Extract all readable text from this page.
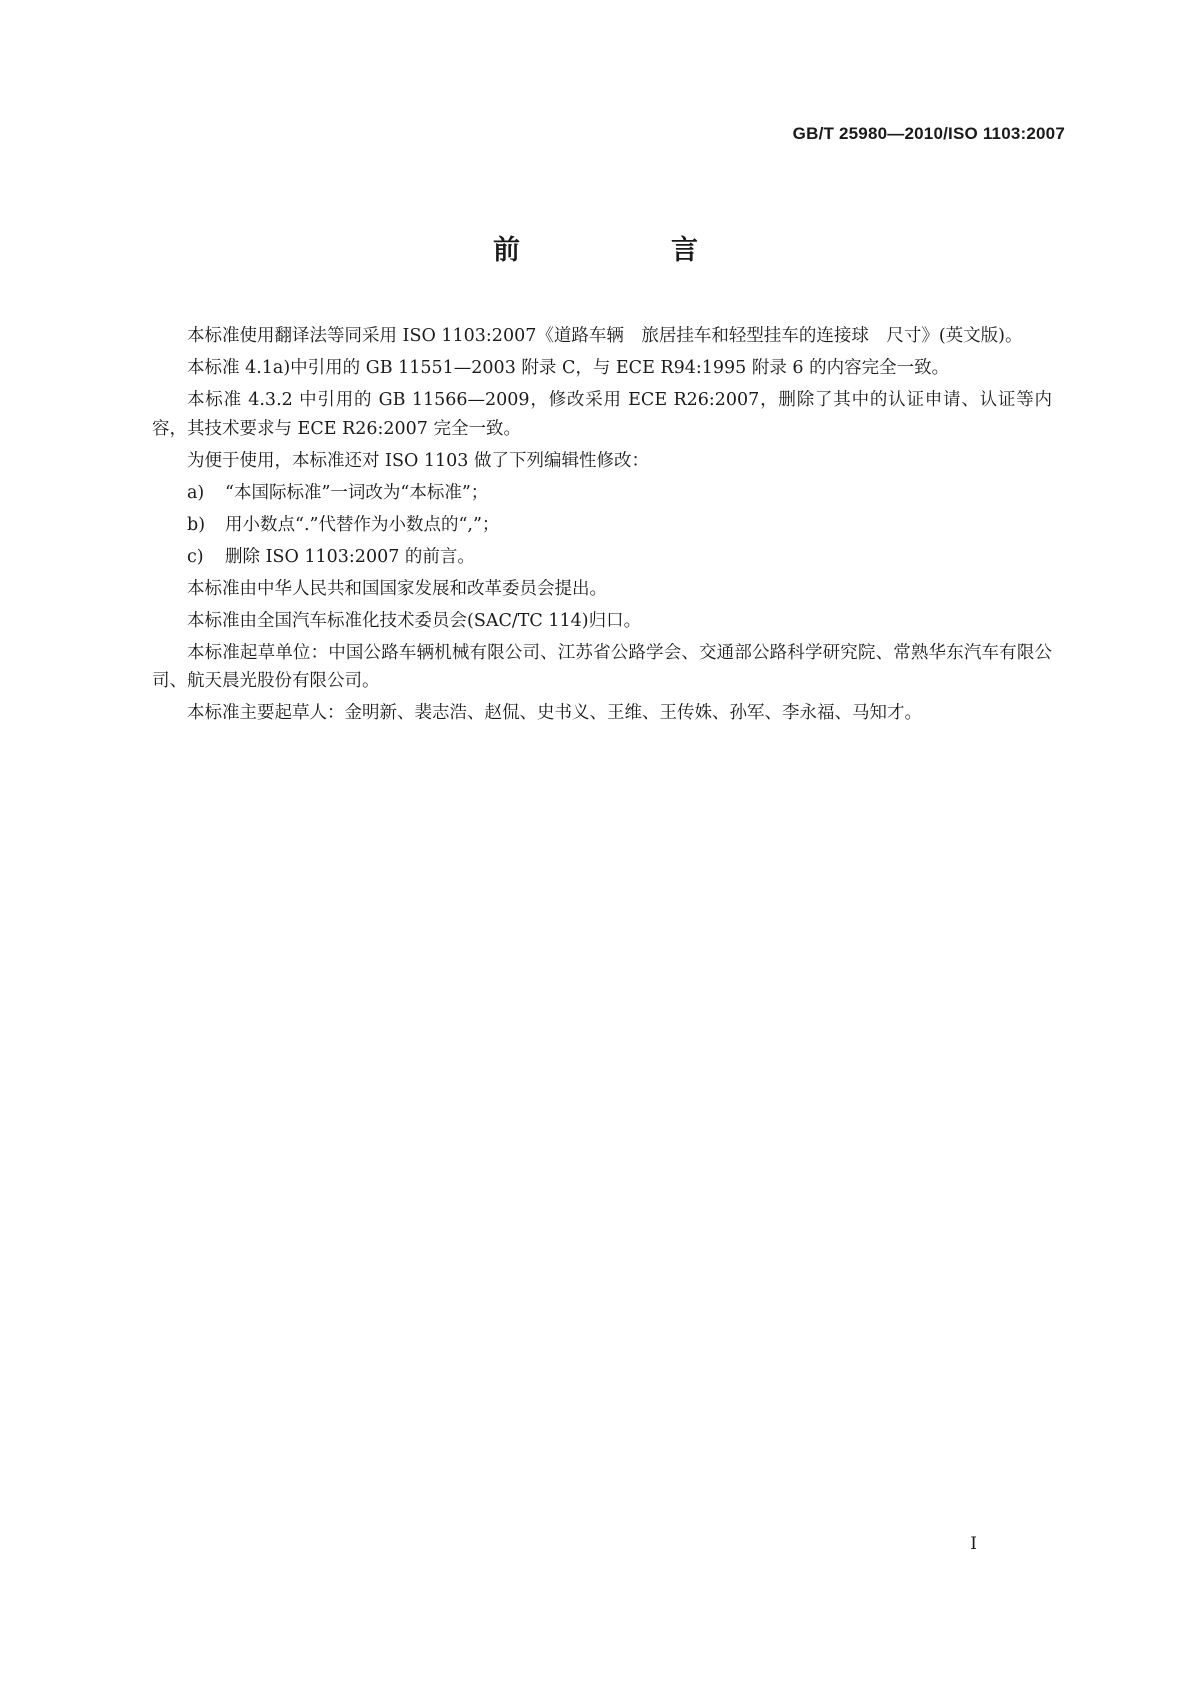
GB/T 25980—2010/ISO 1103:2007
前　言

本标准使用翻译法等同采用 ISO 1103:2007《道路车辆　旅居挂车和轻型挂车的连接球　尺寸》(英文版)。

本标准 4.1a)中引用的 GB 11551—2003 附录 C，与 ECE R94:1995 附录 6 的内容完全一致。

本标准 4.3.2 中引用的 GB 11566—2009，修改采用 ECE R26:2007，删除了其中的认证申请、认证等内容，其技术要求与 ECE R26:2007 完全一致。

为便于使用，本标准还对 ISO 1103 做了下列编辑性修改：

a) “本国际标准”一词改为“本标准”；

b) 用小数点“.”代替作为小数点的“,”；

c) 删除 ISO 1103:2007 的前言。

本标准由中华人民共和国国家发展和改革委员会提出。

本标准由全国汽车标准化技术委员会(SAC/TC 114)归口。

本标准起草单位：中国公路车辆机械有限公司、江苏省公路学会、交通部公路科学研究院、常熟华东汽车有限公司、航天晨光股份有限公司。

本标准主要起草人：金明新、裴志浩、赵侃、史书义、王维、王传姝、孙军、李永福、马知才。

I
